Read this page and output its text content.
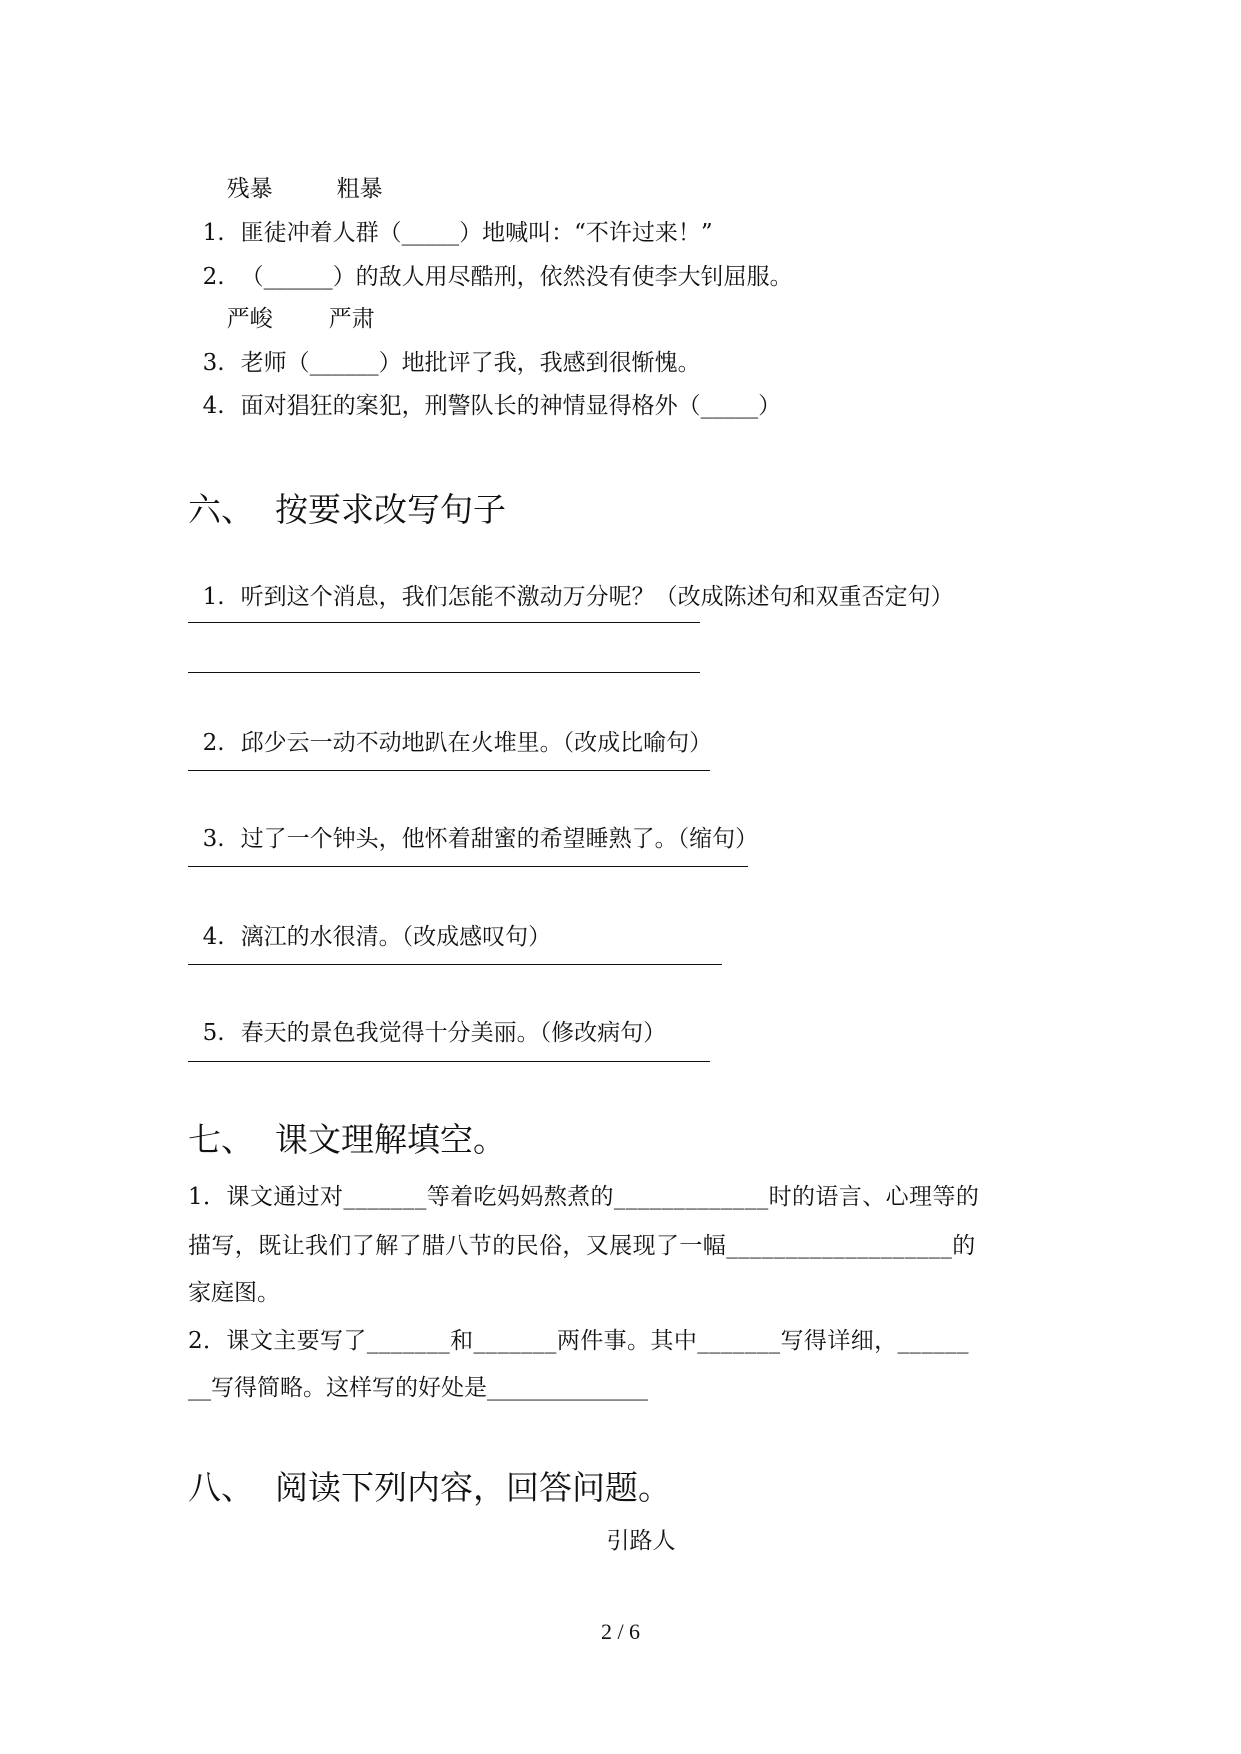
残暴	粗暴

1. 匪徒冲着人群（_____）地喊叫：“不许过来！”

2. （______）的敌人用尽酷刑，依然没有使李大钊屈服。

严峻 严肃

3. 老师（______）地批评了我，我感到很惭愧。

4. 面对猖狂的案犯，刑警队长的神情显得格外（_____）

六、  按要求改写句子

1. 听到这个消息，我们怎能不激动万分呢？（改成陈述句和双重否定句）

2. 邱少云一动不动地趴在火堆里。（改成比喻句）

3. 过了一个钟头，他怀着甜蜜的希望睡熟了。（缩句）

4. 漓江的水很清。（改成感叹句）

5. 春天的景色我觉得十分美丽。（修改病句）

七、  课文理解填空。
1．课文通过对_______等着吃妈妈熬煮的_____________时的语言、心理等的
描写，既让我们了解了腊八节的民俗，又展现了一幅___________________的
家庭图。
2．课文主要写了_______和_______两件事。其中_______写得详细，______
__写得简略。这样写的好处是______________
八、  阅读下列内容，回答问题。
引路人
2 / 6
